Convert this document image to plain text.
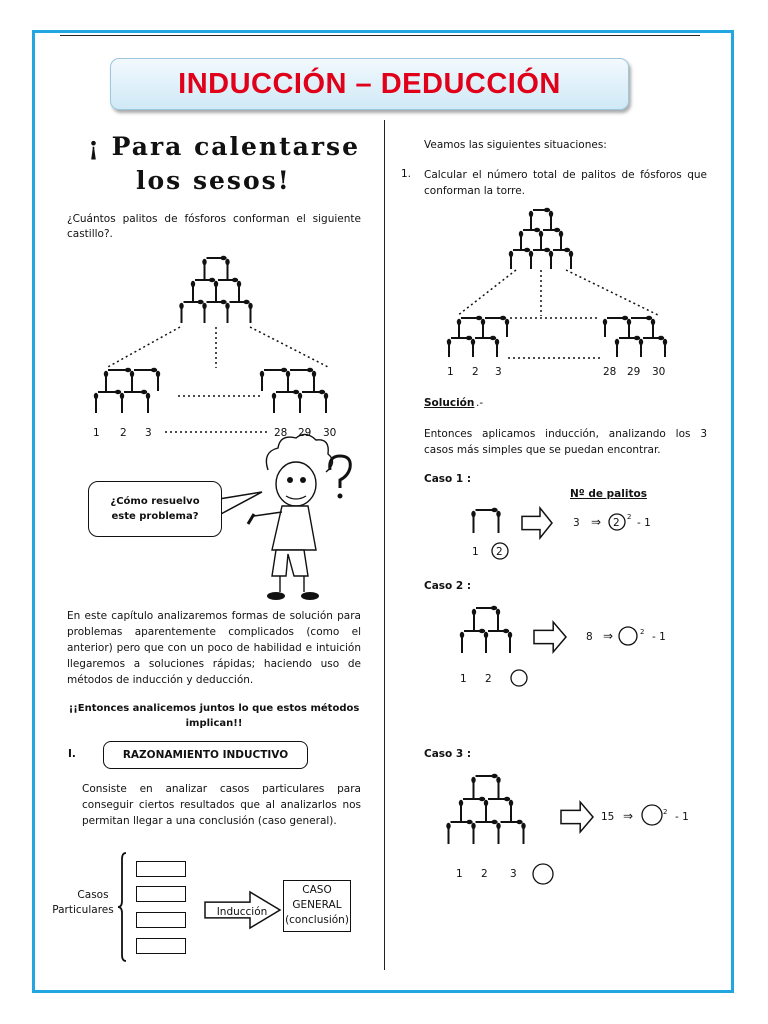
INDUCCIÓN – DEDUCCIÓN
¡ Para calentarse
los sesos!
¿Cuántos palitos de fósforos conforman el siguiente castillo?.
1 2 3	28 29 30
¿Cómo resuelvo este problema?
En este capítulo analizaremos formas de solución para problemas aparentemente complicados (como el anterior) pero que con un poco de habilidad e intuición llegaremos a soluciones rápidas; haciendo uso de métodos de inducción y deducción.
¡¡Entonces analicemos juntos lo que estos métodos implican!!
I.	RAZONAMIENTO INDUCTIVO
Consiste en analizar casos particulares para conseguir ciertos resultados que al analizarlos nos permitan llegar a una conclusión (caso general).
Casos
Particulares	Inducción
CASO
GENERAL
(conclusión)
Veamos las siguientes situaciones:
1. Calcular el número total de palitos de fósforos que conforman la torre.
1 2 3	28 29 30
Solución .-
Entonces aplicamos inducción, analizando los 3 casos más simples que se puedan encontrar.
Caso 1 :
Nº de palitos
3 ⇒ 2 2 - 1
1 2
Caso 2 :
8 ⇒	2 - 1
1 2
Caso 3 :
15 ⇒	2 - 1
1 2 3
